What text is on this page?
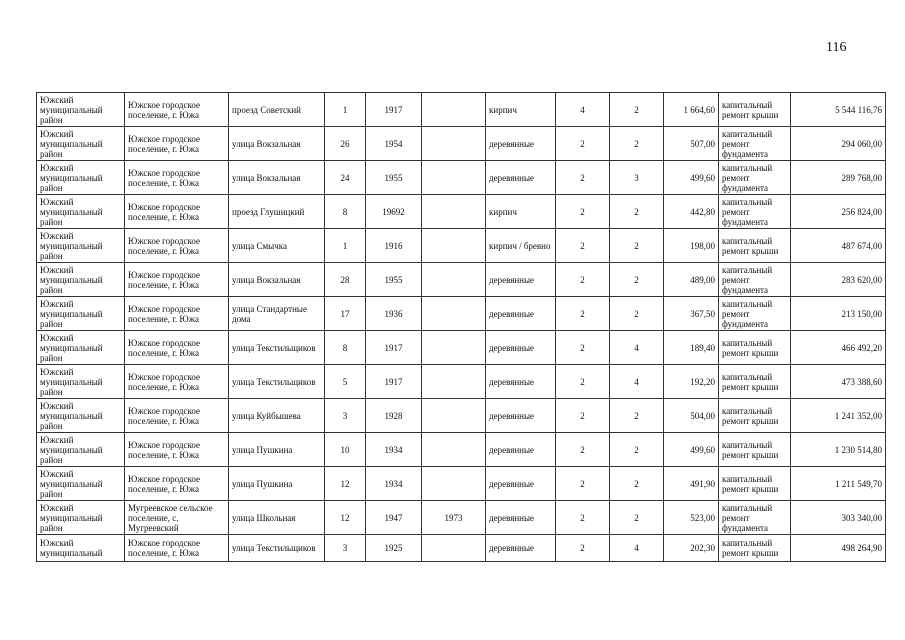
116
Южский муниципальный район	Южское городское поселение, г. Южа	проезд Советский	1	1917		кирпич	4	2	1 664,60	капитальный ремонт крыши	5 544 116,76
Южский муниципальный район	Южское городское поселение, г. Южа	улица Вокзальная	26	1954		деревянные	2	2	507,00	капитальный ремонт фундамента	294 060,00
Южский муниципальный район	Южское городское поселение, г. Южа	улица Вокзальная	24	1955		деревянные	2	3	499,60	капитальный ремонт фундамента	289 768,00
Южский муниципальный район	Южское городское поселение, г. Южа	проезд Глушицкий	8	19692		кирпич	2	2	442,80	капитальный ремонт фундамента	256 824,00
Южский муниципальный район	Южское городское поселение, г. Южа	улица Смычка	1	1916		кирпич / бревно	2	2	198,00	капитальный ремонт крыши	487 674,00
Южский муниципальный район	Южское городское поселение, г. Южа	улица Вокзальная	28	1955		деревянные	2	2	489,00	капитальный ремонт фундамента	283 620,00
Южский муниципальный район	Южское городское поселение, г. Южа	улица Стандартные дома	17	1936		деревянные	2	2	367,50	капитальный ремонт фундамента	213 150,00
Южский муниципальный район	Южское городское поселение, г. Южа	улица Текстильщиков	8	1917		деревянные	2	4	189,40	капитальный ремонт крыши	466 492,20
Южский муниципальный район	Южское городское поселение, г. Южа	улица Текстильщиков	5	1917		деревянные	2	4	192,20	капитальный ремонт крыши	473 388,60
Южский муниципальный район	Южское городское поселение, г. Южа	улица Куйбышева	3	1928		деревянные	2	2	504,00	капитальный ремонт крыши	1 241 352,00
Южский муниципальный район	Южское городское поселение, г. Южа	улица Пушкина	10	1934		деревянные	2	2	499,60	капитальный ремонт крыши	1 230 514,80
Южский муниципальный район	Южское городское поселение, г. Южа	улица Пушкина	12	1934		деревянные	2	2	491,90	капитальный ремонт крыши	1 211 549,70
Южский муниципальный район	Мугреевское сельское поселение, с. Мугреевский	улица Школьная	12	1947	1973	деревянные	2	2	523,00	капитальный ремонт фундамента	303 340,00
Южский муниципальный	Южское городское поселение, г. Южа	улица Текстильщиков	3	1925		деревянные	2	4	202,30	капитальный ремонт крыши	498 264,90
